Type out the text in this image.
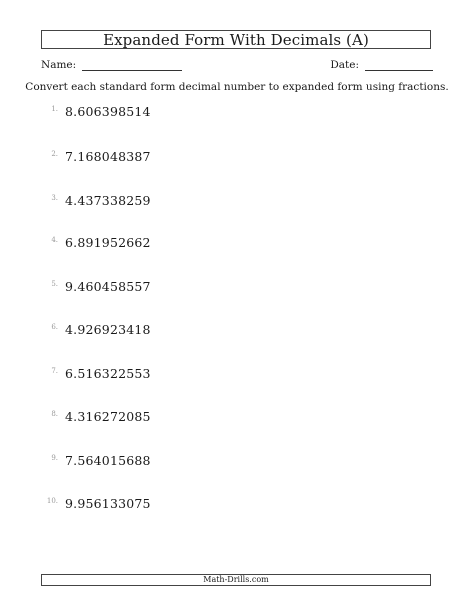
Expanded Form With Decimals (A)
Name:	Date:
Convert each standard form decimal number to expanded form using fractions.
1. 8.606398514
2. 7.168048387
3. 4.437338259
4. 6.891952662
5. 9.460458557
6. 4.926923418
7. 6.516322553
8. 4.316272085
9. 7.564015688
10. 9.956133075
Math-Drills.com
